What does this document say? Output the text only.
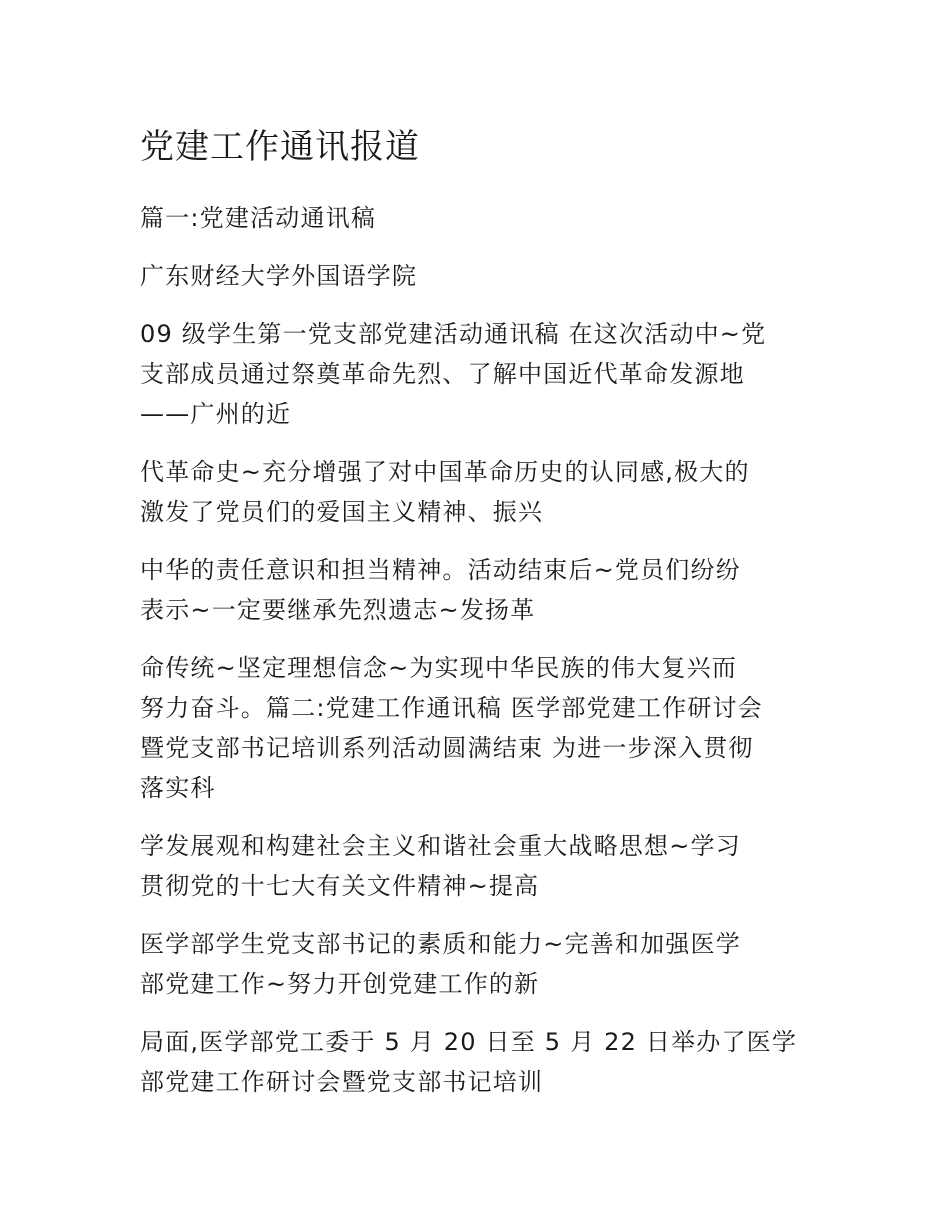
党建工作通讯报道

篇一:党建活动通讯稿

广东财经大学外国语学院

09 级学生第一党支部党建活动通讯稿 在这次活动中~党
支部成员通过祭奠革命先烈、了解中国近代革命发源地
——广州的近

代革命史~充分增强了对中国革命历史的认同感,极大的
激发了党员们的爱国主义精神、振兴

中华的责任意识和担当精神。活动结束后~党员们纷纷
表示~一定要继承先烈遗志~发扬革

命传统~坚定理想信念~为实现中华民族的伟大复兴而
努力奋斗。篇二:党建工作通讯稿 医学部党建工作研讨会
暨党支部书记培训系列活动圆满结束 为进一步深入贯彻
落实科

学发展观和构建社会主义和谐社会重大战略思想~学习
贯彻党的十七大有关文件精神~提高

医学部学生党支部书记的素质和能力~完善和加强医学
部党建工作~努力开创党建工作的新

局面,医学部党工委于 5 月 20 日至 5 月 22 日举办了医学
部党建工作研讨会暨党支部书记培训
